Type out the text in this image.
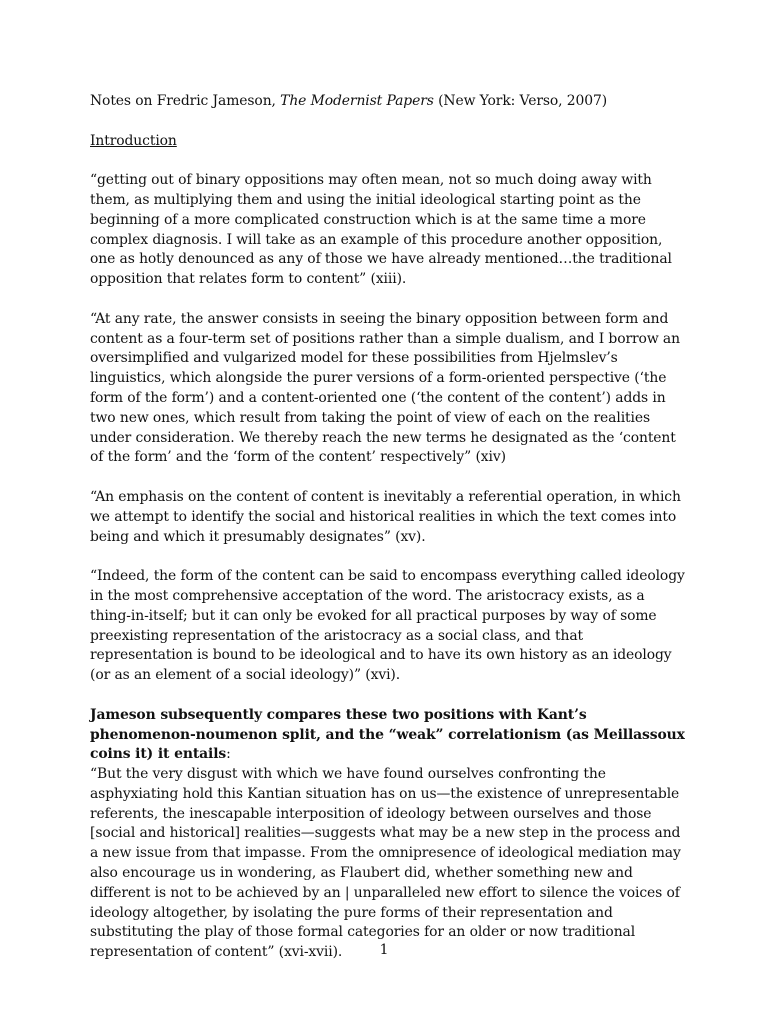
Notes on Fredric Jameson, The Modernist Papers (New York: Verso, 2007)

Introduction

“getting out of binary oppositions may often mean, not so much doing away with them, as multiplying them and using the initial ideological starting point as the beginning of a more complicated construction which is at the same time a more complex diagnosis. I will take as an example of this procedure another opposition, one as hotly denounced as any of those we have already mentioned…the traditional opposition that relates form to content” (xiii).

“At any rate, the answer consists in seeing the binary opposition between form and content as a four-term set of positions rather than a simple dualism, and I borrow an oversimplified and vulgarized model for these possibilities from Hjelmslev’s linguistics, which alongside the purer versions of a form-oriented perspective (‘the form of the form’) and a content-oriented one (‘the content of the content’) adds in two new ones, which result from taking the point of view of each on the realities under consideration. We thereby reach the new terms he designated as the ‘content of the form’ and the ‘form of the content’ respectively” (xiv)

“An emphasis on the content of content is inevitably a referential operation, in which we attempt to identify the social and historical realities in which the text comes into being and which it presumably designates” (xv).

“Indeed, the form of the content can be said to encompass everything called ideology in the most comprehensive acceptation of the word. The aristocracy exists, as a thing-in-itself; but it can only be evoked for all practical purposes by way of some preexisting representation of the aristocracy as a social class, and that representation is bound to be ideological and to have its own history as an ideology (or as an element of a social ideology)” (xvi).

Jameson subsequently compares these two positions with Kant’s phenomenon-noumenon split, and the “weak” correlationism (as Meillassoux coins it) it entails:
“But the very disgust with which we have found ourselves confronting the asphyxiating hold this Kantian situation has on us—the existence of unrepresentable referents, the inescapable interposition of ideology between ourselves and those [social and historical] realities—suggests what may be a new step in the process and a new issue from that impasse. From the omnipresence of ideological mediation may also encourage us in wondering, as Flaubert did, whether something new and different is not to be achieved by an | unparalleled new effort to silence the voices of ideology altogether, by isolating the pure forms of their representation and substituting the play of those formal categories for an older or now traditional representation of content” (xvi-xvii).	1
